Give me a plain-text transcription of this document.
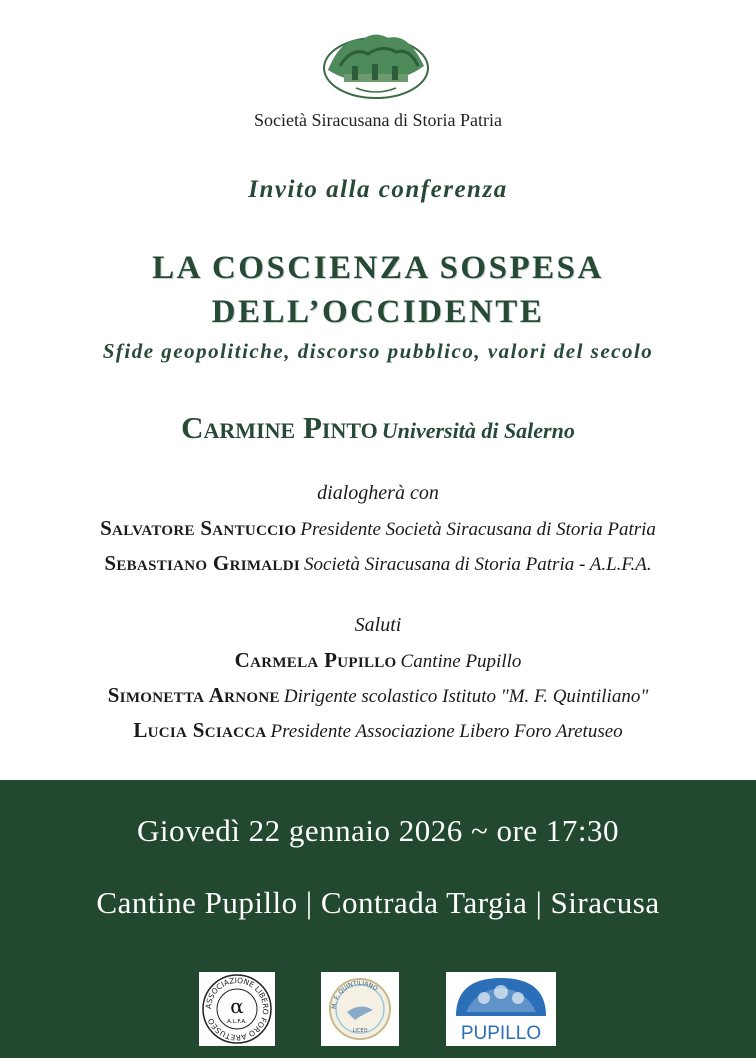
Società Siracusana di Storia Patria
Invito alla conferenza
LA COSCIENZA SOSPESA
DELL’OCCIDENTE
Sfide geopolitiche, discorso pubblico, valori del secolo
Carmine Pinto Università di Salerno
dialogherà con
Salvatore Santuccio Presidente Società Siracusana di Storia Patria
Sebastiano Grimaldi Società Siracusana di Storia Patria - A.L.F.A.
Saluti
Carmela Pupillo Cantine Pupillo
Simonetta Arnone Dirigente scolastico Istituto "M. F. Quintiliano"
Lucia Sciacca Presidente Associazione Libero Foro Aretuseo
Giovedì 22 gennaio 2026 ~ ore 17:30
Cantine Pupillo | Contrada Targia | Siracusa
ASSOCIAZIONE LIBERO FORO ARETUSEO
α
A.L.F.A.
M. F. QUINTILIANO
LICEO	PUPILLO
